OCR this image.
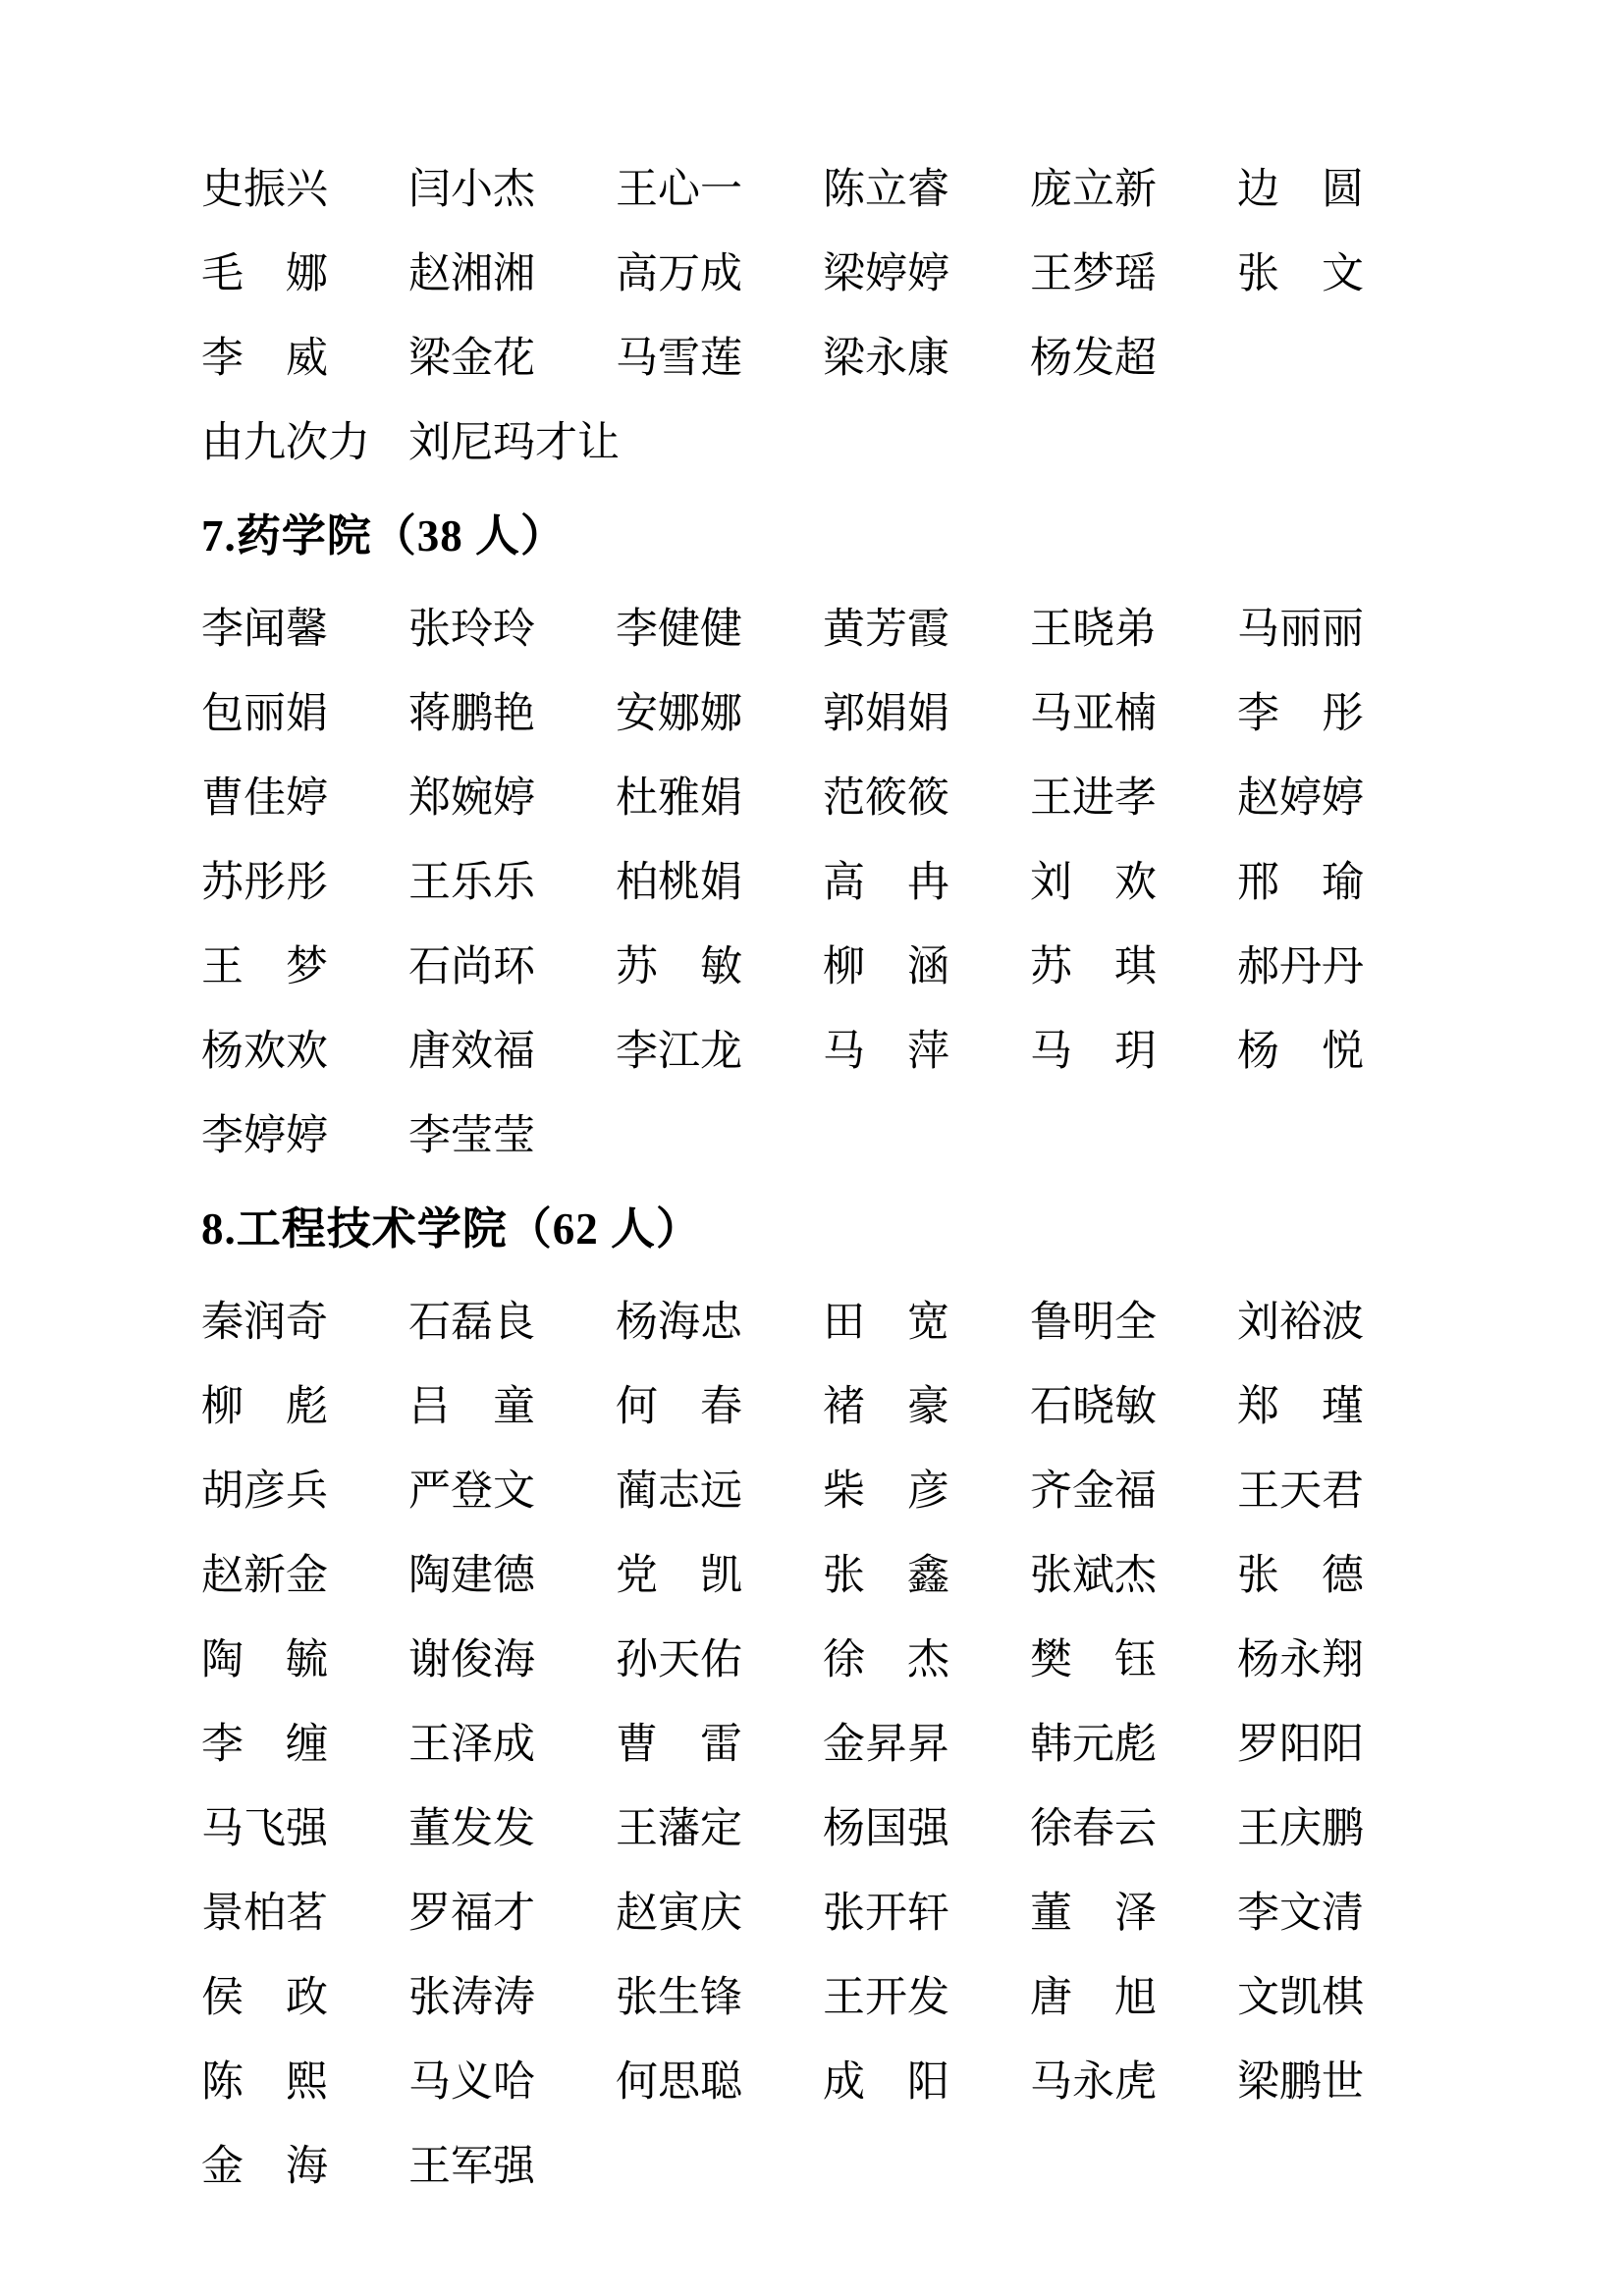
史振兴	闫小杰	王心一	陈立睿	庞立新	边　圆
毛　娜	赵湘湘	高万成	梁婷婷	王梦瑶	张　文
李　威	梁金花	马雪莲	梁永康	杨发超
由九次力 刘尼玛才让
7.药学院（38 人）
李闻馨	张玲玲	李健健	黄芳霞	王晓弟	马丽丽
包丽娟	蒋鹏艳	安娜娜	郭娟娟	马亚楠	李　彤
曹佳婷	郑婉婷	杜雅娟	范筱筱	王进孝	赵婷婷
苏彤彤	王乐乐	柏桃娟	高　冉	刘　欢	邢　瑜
王　梦	石尚环	苏　敏	柳　涵	苏　琪	郝丹丹
杨欢欢	唐效福	李江龙	马　萍	马　玥	杨　悦
李婷婷	李莹莹
8.工程技术学院（62 人）
秦润奇	石磊良	杨海忠	田　宽	鲁明全	刘裕波
柳　彪	吕　童	何　春	褚　豪	石晓敏	郑　瑾
胡彦兵	严登文	蔺志远	柴　彦	齐金福	王天君
赵新金	陶建德	党　凯	张　鑫	张斌杰	张　德
陶　毓	谢俊海	孙天佑	徐　杰	樊　钰	杨永翔
李　缠	王泽成	曹　雷	金昇昇	韩元彪	罗阳阳
马飞强	董发发	王藩定	杨国强	徐春云	王庆鹏
景柏茗	罗福才	赵寅庆	张开轩	董　泽	李文清
侯　政	张涛涛	张生锋	王开发	唐　旭	文凯棋
陈　熙	马义哈	何思聪	成　阳	马永虎	梁鹏世
金　海	王军强
